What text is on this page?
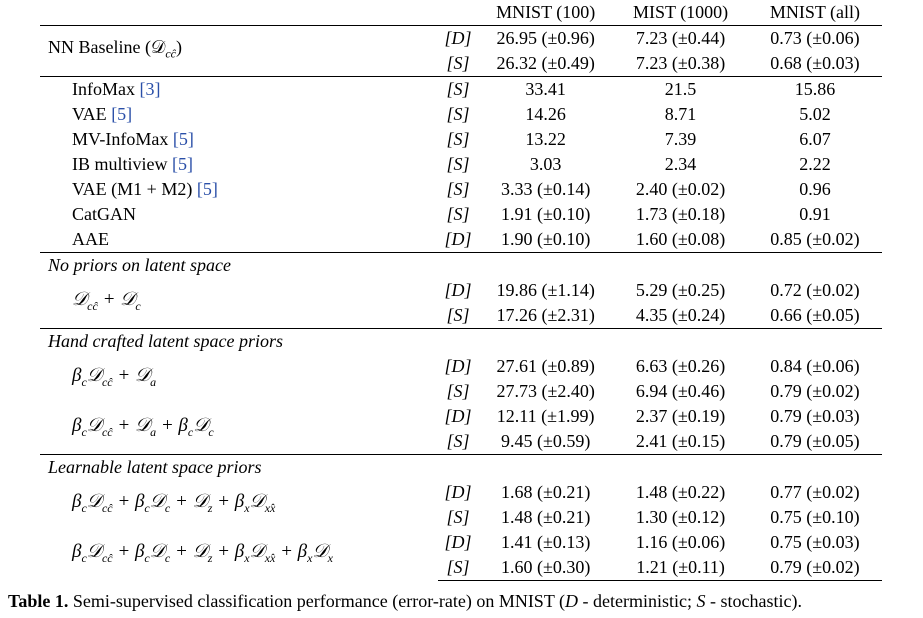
		MNIST (100)	MIST (1000)	MNIST (all)
NN Baseline (𝒟$_{cĉ}$)	[D]	26.95 (±0.96)	7.23 (±0.44)	0.73 (±0.06)
	[S]	26.32 (±0.49)	7.23 (±0.38)	0.68 (±0.03)
InfoMax [3]	[S]	33.41	21.5	15.86
VAE [5]	[S]	14.26	8.71	5.02
MV-InfoMax [5]	[S]	13.22	7.39	6.07
IB multiview [5]	[S]	3.03	2.34	2.22
VAE (M1 + M2) [5]	[S]	3.33 (±0.14)	2.40 (±0.02)	0.96
CatGAN	[S]	1.91 (±0.10)	1.73 (±0.18)	0.91
AAE	[D]	1.90 (±0.10)	1.60 (±0.08)	0.85 (±0.02)
No priors on latent space				
𝒟$_{cĉ}$ + 𝒟$_c$	[D]	19.86 (±1.14)	5.29 (±0.25)	0.72 (±0.02)
	[S]	17.26 (±2.31)	4.35 (±0.24)	0.66 (±0.05)
Hand crafted latent space priors				
$\beta_c𝒟_{cĉ}$ + 𝒟$_a$	[D]	27.61 (±0.89)	6.63 (±0.26)	0.84 (±0.06)
	[S]	27.73 (±2.40)	6.94 (±0.46)	0.79 (±0.02)
$\beta_c𝒟_{cĉ}$ + 𝒟$_a$ + $\beta_c𝒟_c$	[D]	12.11 (±1.99)	2.37 (±0.19)	0.79 (±0.03)
	[S]	9.45 (±0.59)	2.41 (±0.15)	0.79 (±0.05)
Learnable latent space priors				
$\beta_c𝒟_{cĉ}$ + $\beta_c𝒟_c$ + 𝒟$_z$ + $\beta_x𝒟_{xx̂}$	[D]	1.68 (±0.21)	1.48 (±0.22)	0.77 (±0.02)
	[S]	1.48 (±0.21)	1.30 (±0.12)	0.75 (±0.10)
$\beta_c𝒟_{cĉ}$ + $\beta_c𝒟_c$ + 𝒟$_z$ + $\beta_x𝒟_{xx̂}$ + $\beta_x𝒟_x$	[D]	1.41 (±0.13)	1.16 (±0.06)	0.75 (±0.03)
	[S]	1.60 (±0.30)	1.21 (±0.11)	0.79 (±0.02)
Table 1. Semi-supervised classification performance (error-rate) on MNIST (D - deterministic; S - stochastic).
